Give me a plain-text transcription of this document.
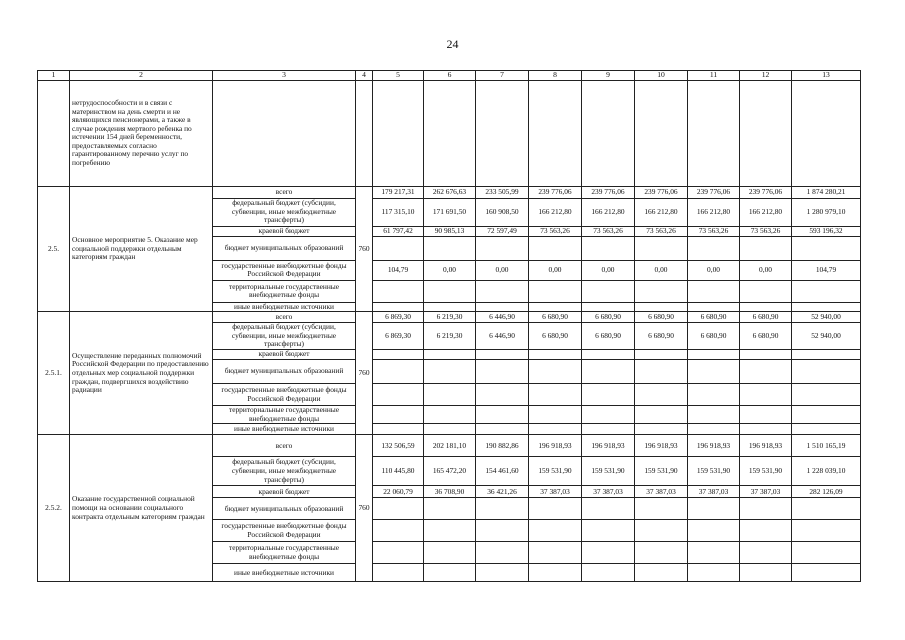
24
1	2	3	4	5	6	7	8	9	10	11	12	13
	нетрудоспособности и в связи с материнством на день смерти и не являющихся пенсионерами, а также в случае рождения мертвого ребенка по истечении 154 дней беременности, предоставляемых согласно гарантированному перечню услуг по погребению											
2.5.	Основное мероприятие 5. Оказание мер социальной поддержки отдельным категориям граждан	всего	760	179 217,31	262 676,63	233 505,99	239 776,06	239 776,06	239 776,06	239 776,06	239 776,06	1 874 280,21
		федеральный бюджет (субсидии, субвенции, иные межбюджетные трансферты)		117 315,10	171 691,50	160 908,50	166 212,80	166 212,80	166 212,80	166 212,80	166 212,80	1 280 979,10
		краевой бюджет		61 797,42	90 985,13	72 597,49	73 563,26	73 563,26	73 563,26	73 563,26	73 563,26	593 196,32
		бюджет муниципальных образований										
		государственные внебюджетные фонды Российской Федерации		104,79	0,00	0,00	0,00	0,00	0,00	0,00	0,00	104,79
		территориальные государственные внебюджетные фонды										
		иные внебюджетные источники										
2.5.1.	Осуществление переданных полномочий Российской Федерации по предоставлению отдельных мер социальной поддержки граждан, подвергшихся воздействию радиации	всего	760	6 869,30	6 219,30	6 446,90	6 680,90	6 680,90	6 680,90	6 680,90	6 680,90	52 940,00
		федеральный бюджет (субсидии, субвенции, иные межбюджетные трансферты)		6 869,30	6 219,30	6 446,90	6 680,90	6 680,90	6 680,90	6 680,90	6 680,90	52 940,00
		краевой бюджет										
		бюджет муниципальных образований										
		государственные внебюджетные фонды Российской Федерации										
		территориальные государственные внебюджетные фонды										
		иные внебюджетные источники										
2.5.2.	Оказание государственной социальной помощи на основании социального контракта отдельным категориям граждан	всего	760	132 506,59	202 181,10	190 882,86	196 918,93	196 918,93	196 918,93	196 918,93	196 918,93	1 510 165,19
		федеральный бюджет (субсидии, субвенции, иные межбюджетные трансферты)		110 445,80	165 472,20	154 461,60	159 531,90	159 531,90	159 531,90	159 531,90	159 531,90	1 228 039,10
		краевой бюджет		22 060,79	36 708,90	36 421,26	37 387,03	37 387,03	37 387,03	37 387,03	37 387,03	282 126,09
		бюджет муниципальных образований										
		государственные внебюджетные фонды Российской Федерации										
		территориальные государственные внебюджетные фонды										
		иные внебюджетные источники										
